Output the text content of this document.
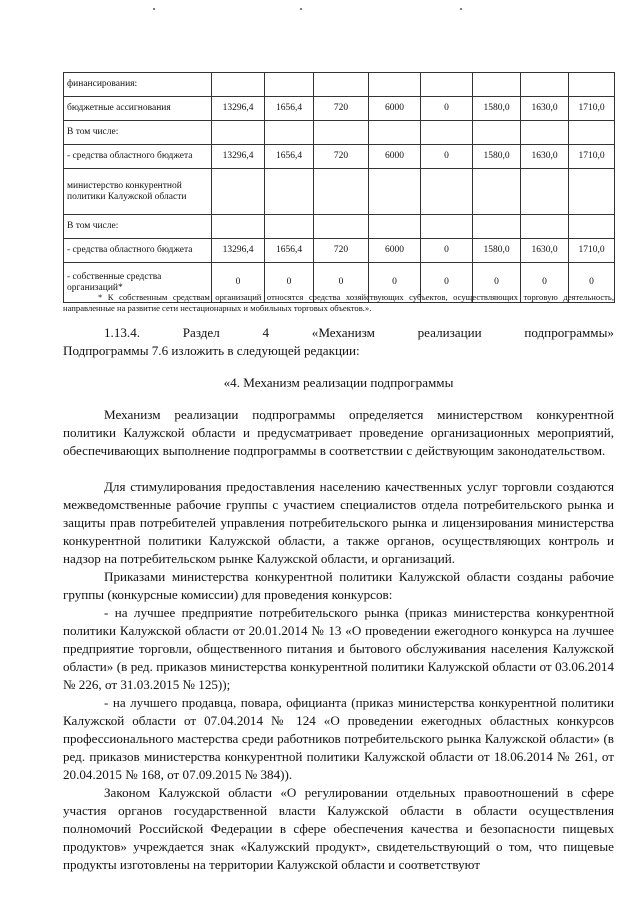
финансирования:								
бюджетные ассигнования	13296,4	1656,4	720	6000	0	1580,0	1630,0	1710,0
В том числе:								
- средства областного бюджета	13296,4	1656,4	720	6000	0	1580,0	1630,0	1710,0
министерство конкурентной политики Калужской области								
В том числе:								
- средства областного бюджета	13296,4	1656,4	720	6000	0	1580,0	1630,0	1710,0
- собственные средства организаций*	0	0	0	0	0	0	0	0
* К собственным средствам организаций относятся средства хозяйствующих субъектов, осуществляющих торговую деятельность, направленные на развитие сети нестационарных и мобильных торговых объектов.».
1.13.4.	Раздел	4	«Механизм	реализации	подпрограммы»
Подпрограммы 7.6 изложить в следующей редакции:
«4. Механизм реализации подпрограммы
Механизм реализации подпрограммы определяется министерством конкурентной политики Калужской области и предусматривает проведение организационных мероприятий, обеспечивающих выполнение подпрограммы в соответствии с действующим законодательством.
Для стимулирования предоставления населению качественных услуг торговли создаются межведомственные рабочие группы с участием специалистов отдела потребительского рынка и защиты прав потребителей управления потребительского рынка и лицензирования министерства конкурентной политики Калужской области, а также органов, осуществляющих контроль и надзор на потребительском рынке Калужской области, и организаций.
Приказами министерства конкурентной политики Калужской области созданы рабочие группы (конкурсные комиссии) для проведения конкурсов:
- на лучшее предприятие потребительского рынка (приказ министерства конкурентной политики Калужской области от 20.01.2014 № 13 «О проведении ежегодного конкурса на лучшее предприятие торговли, общественного питания и бытового обслуживания населения Калужской области» (в ред. приказов министерства конкурентной политики Калужской области от 03.06.2014 № 226, от 31.03.2015 № 125));
- на лучшего продавца, повара, официанта (приказ министерства конкурентной политики Калужской области от 07.04.2014 № 124 «О проведении ежегодных областных конкурсов профессионального мастерства среди работников потребительского рынка Калужской области» (в ред. приказов министерства конкурентной политики Калужской области от 18.06.2014 № 261, от 20.04.2015 № 168, от 07.09.2015 № 384)).
Законом Калужской области «О регулировании отдельных правоотношений в сфере участия органов государственной власти Калужской области в области осуществления полномочий Российской Федерации в сфере обеспечения качества и безопасности пищевых продуктов» учреждается знак «Калужский продукт», свидетельствующий о том, что пищевые продукты изготовлены на территории Калужской области и соответствуют
